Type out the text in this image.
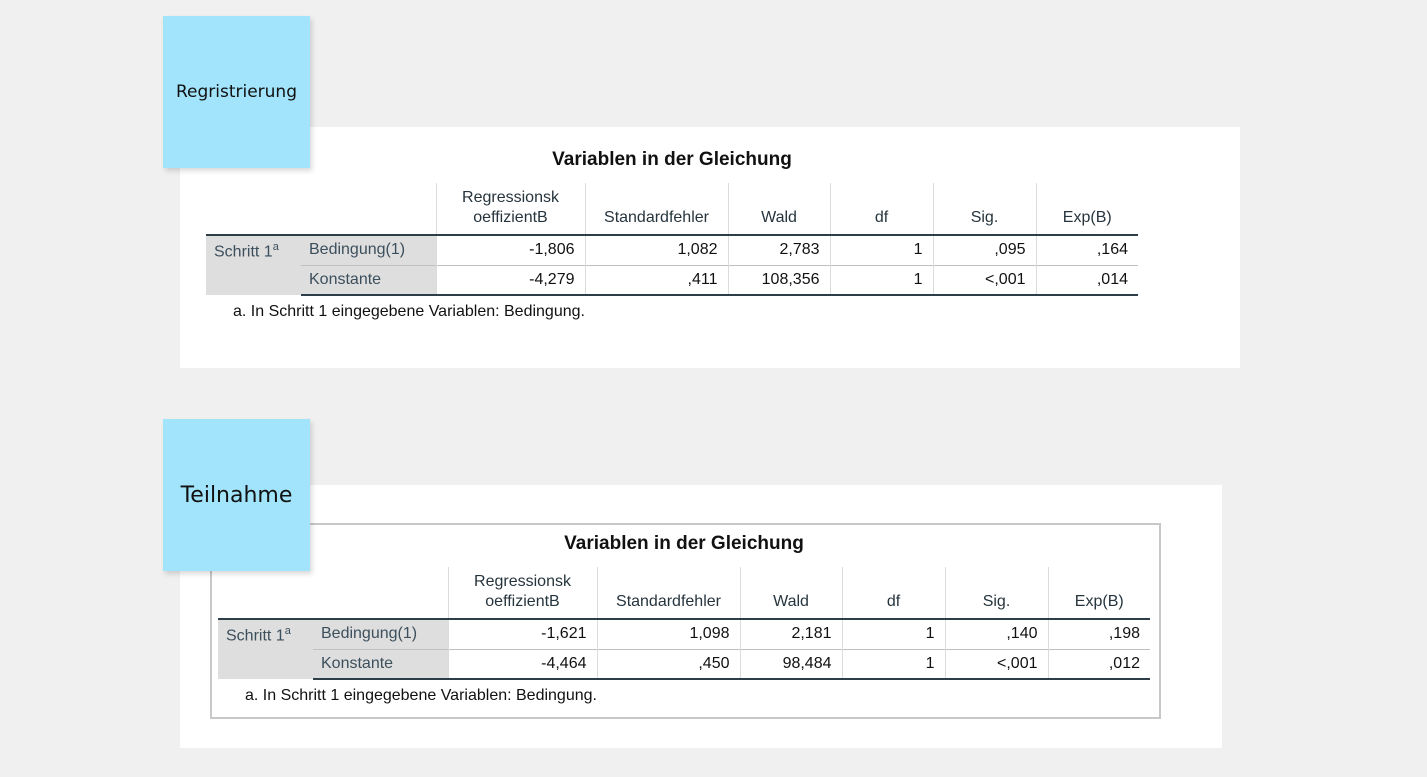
Regristrierung
Teilnahme
Variablen in der Gleichung
		Regressionsk oeffizientB	Standardfehler	Wald	df	Sig.	Exp(B)
Schritt 1$^a$	Bedingung(1)	-1,806	1,082	2,783	1	,095	,164
	Konstante	-4,279	,411	108,356	1	<,001	,014
a. In Schritt 1 eingegebene Variablen: Bedingung.
Variablen in der Gleichung
		Regressionsk oeffizientB	Standardfehler	Wald	df	Sig.	Exp(B)
Schritt 1$^a$	Bedingung(1)	-1,621	1,098	2,181	1	,140	,198
	Konstante	-4,464	,450	98,484	1	<,001	,012
a. In Schritt 1 eingegebene Variablen: Bedingung.
